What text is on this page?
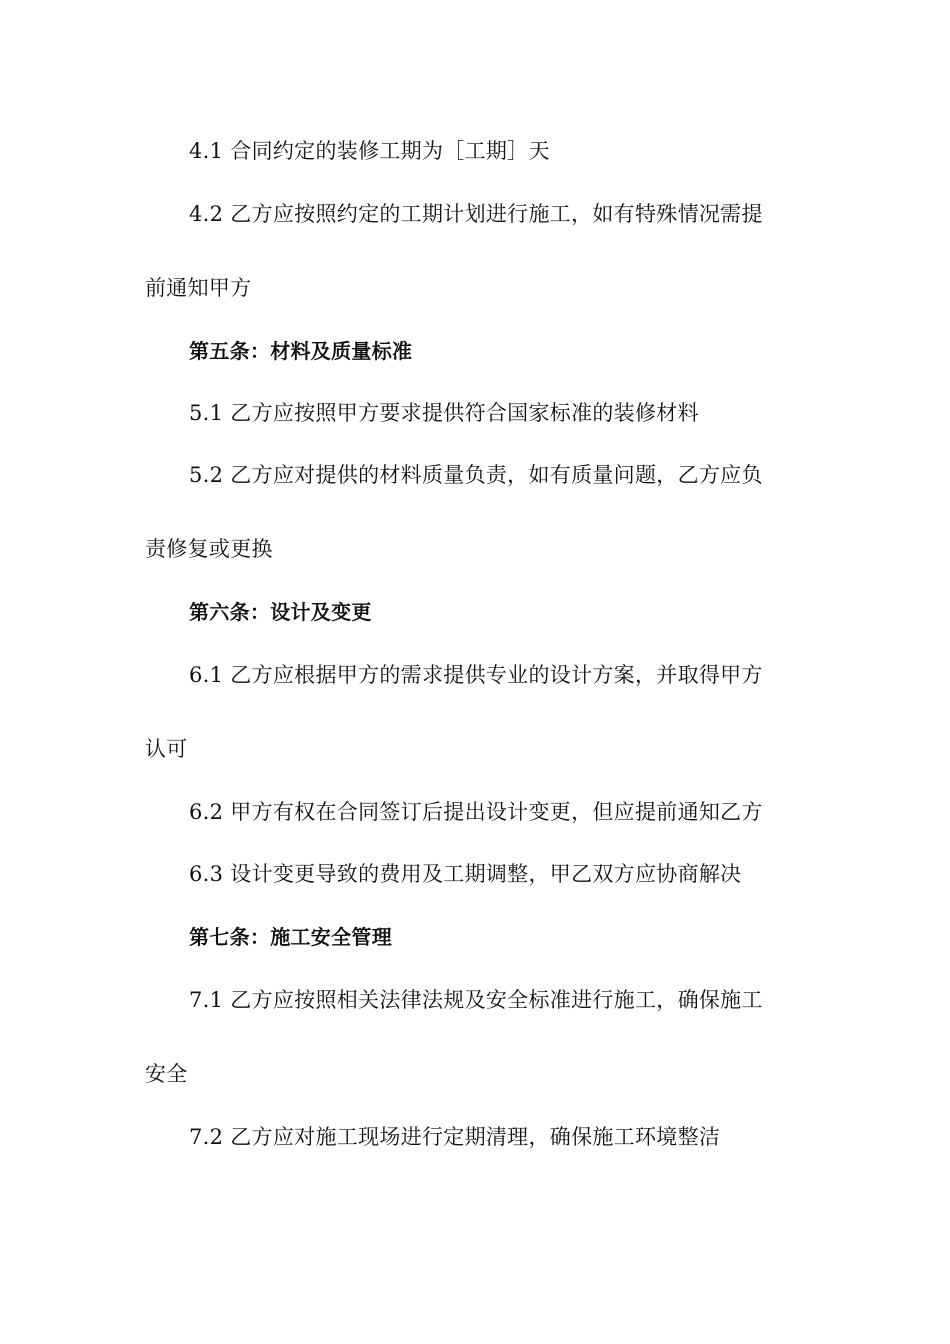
4.1 合同约定的装修工期为［工期］天
4.2 乙方应按照约定的工期计划进行施工，如有特殊情况需提
前通知甲方
第五条：材料及质量标准
5.1 乙方应按照甲方要求提供符合国家标准的装修材料
5.2 乙方应对提供的材料质量负责，如有质量问题，乙方应负
责修复或更换
第六条：设计及变更
6.1 乙方应根据甲方的需求提供专业的设计方案，并取得甲方
认可
6.2 甲方有权在合同签订后提出设计变更，但应提前通知乙方
6.3 设计变更导致的费用及工期调整，甲乙双方应协商解决
第七条：施工安全管理
7.1 乙方应按照相关法律法规及安全标准进行施工，确保施工
安全
7.2 乙方应对施工现场进行定期清理，确保施工环境整洁
